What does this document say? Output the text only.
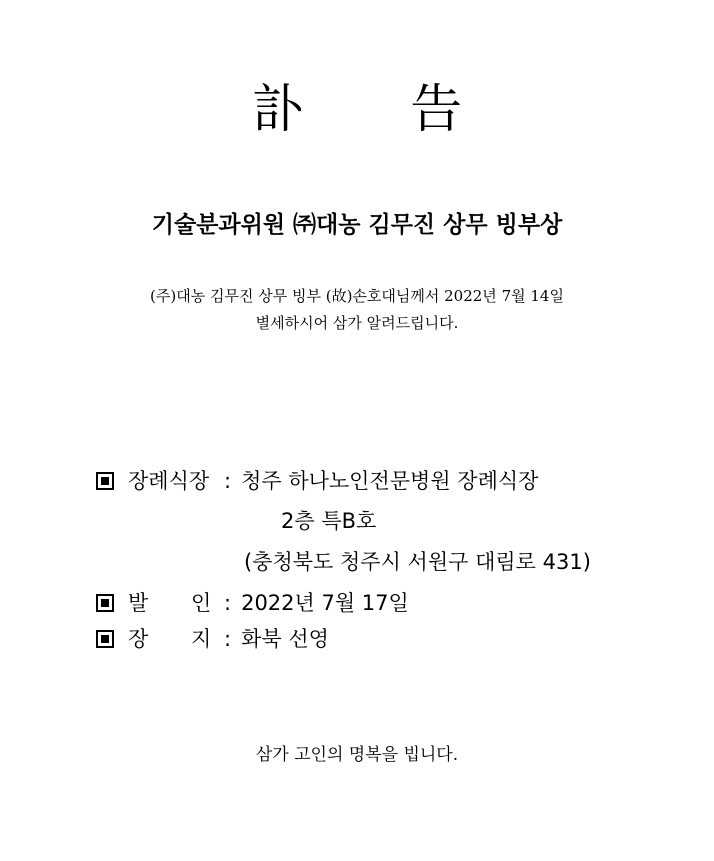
訃 告
기술분과위원 ㈜대농 김무진 상무 빙부상
(주)대농 김무진 상무 빙부 (故)손호대님께서 2022년 7월 14일
별세하시어 삼가 알려드립니다.
장례식장 : 청주 하나노인전문병원 장례식장
2층 특B호
(충청북도 청주시 서원구 대림로 431)
발 인 : 2022년 7월 17일
장 지 : 화북 선영
삼가 고인의 명복을 빕니다.
